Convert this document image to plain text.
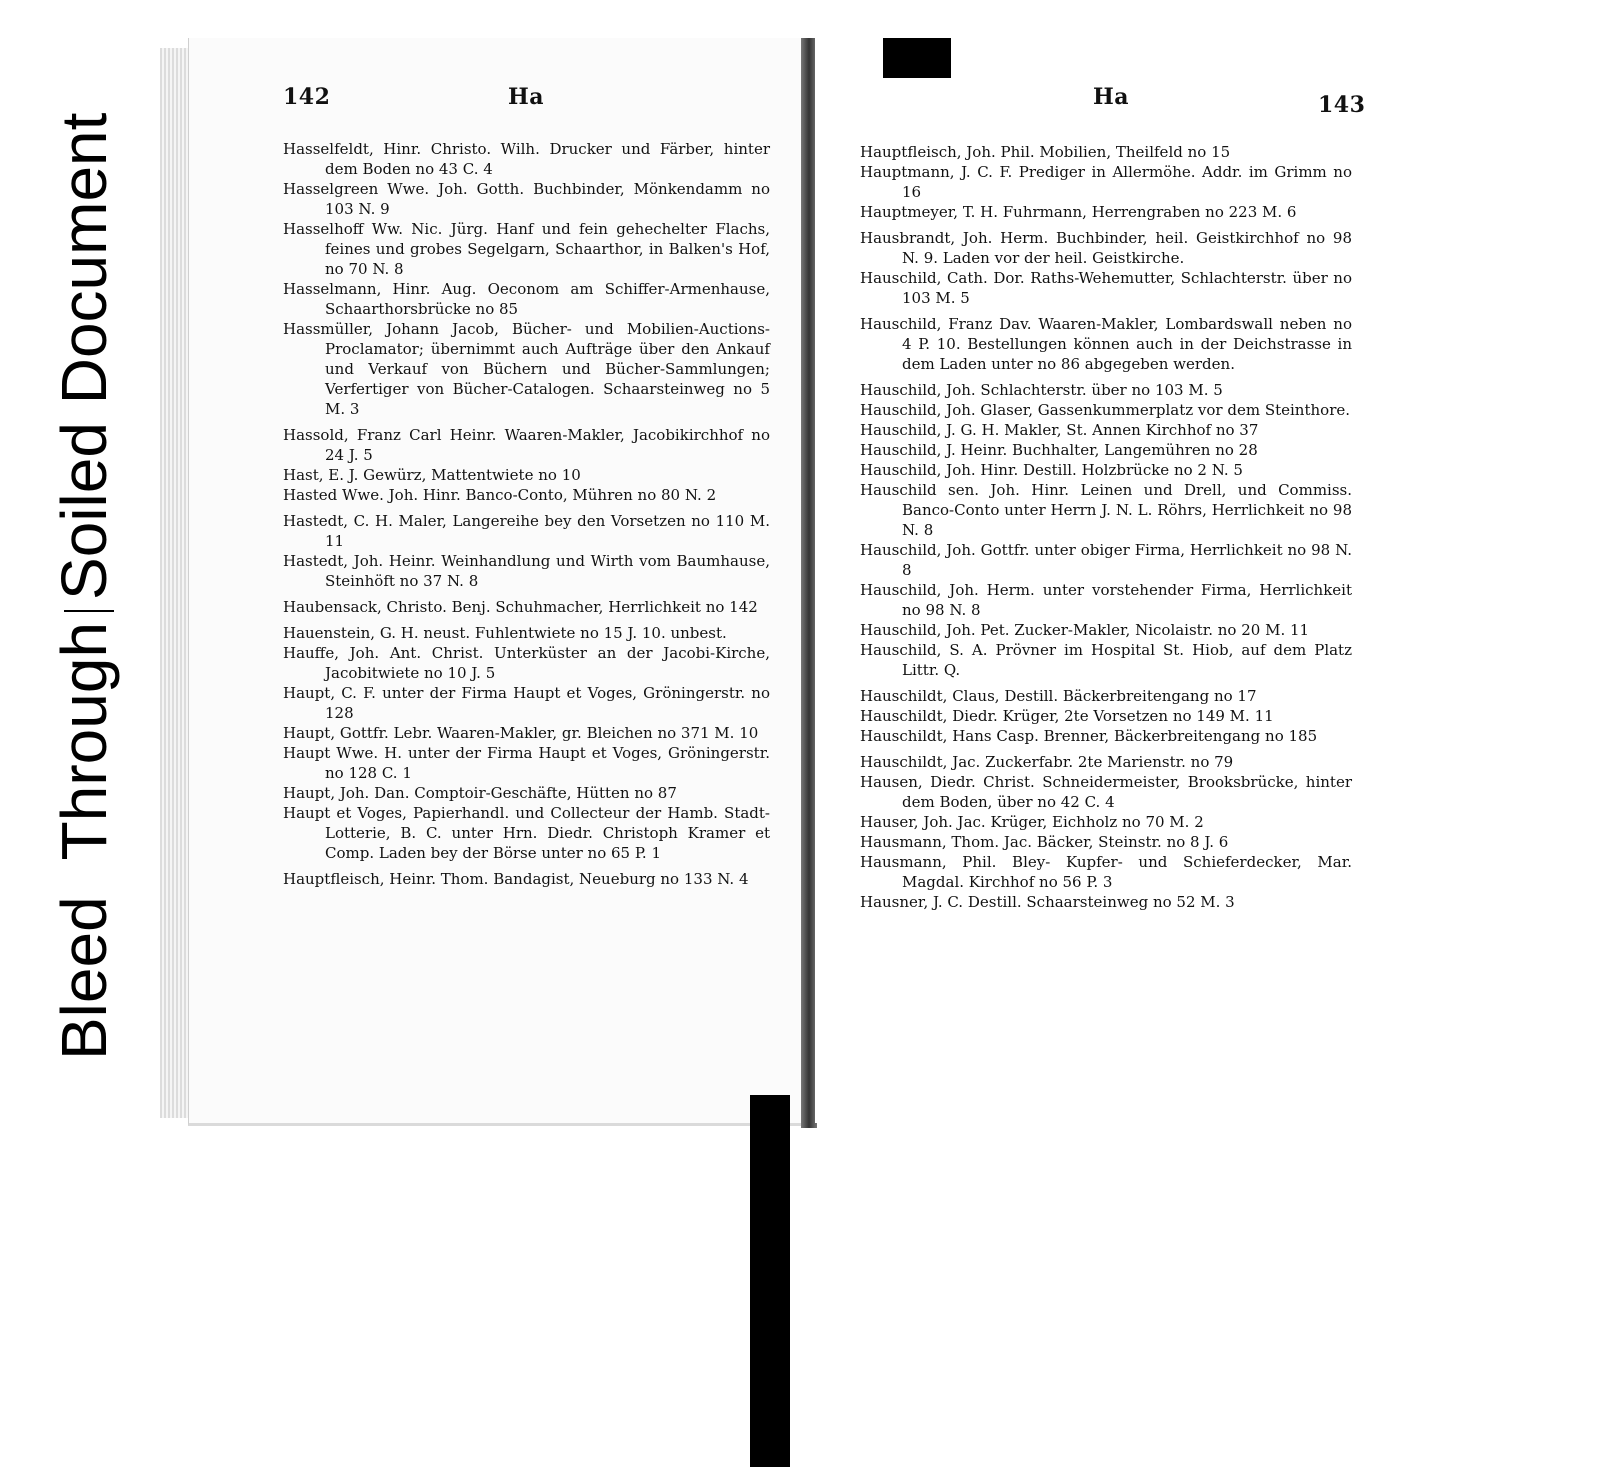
BleedThroughSoiled Document
142	Ha	Ha	143
Hasselfeldt, Hinr. Christo. Wilh. Drucker und Färber, hinter dem Boden no 43 C. 4
Hasselgreen Wwe. Joh. Gotth. Buchbinder, Mönkendamm no 103 N. 9
Hasselhoff Ww. Nic. Jürg. Hanf und fein gehechelter Flachs, feines und grobes Segelgarn, Schaarthor, in Balken's Hof, no 70 N. 8
Hasselmann, Hinr. Aug. Oeconom am Schiffer-Armenhause, Schaarthorsbrücke no 85
Hassmüller, Johann Jacob, Bücher- und Mobilien-Auctions-Proclamator; übernimmt auch Aufträge über den Ankauf und Verkauf von Büchern und Bücher-Sammlungen; Verfertiger von Bücher-Catalogen. Schaarsteinweg no 5 M. 3
Hassold, Franz Carl Heinr. Waaren-Makler, Jacobikirchhof no 24 J. 5
Hast, E. J. Gewürz, Mattentwiete no 10
Hasted Wwe. Joh. Hinr. Banco-Conto, Mühren no 80 N. 2
Hastedt, C. H. Maler, Langereihe bey den Vorsetzen no 110 M. 11
Hastedt, Joh. Heinr. Weinhandlung und Wirth vom Baumhause, Steinhöft no 37 N. 8
Haubensack, Christo. Benj. Schuhmacher, Herrlichkeit no 142
Hauenstein, G. H. neust. Fuhlentwiete no 15 J. 10. unbest.
Hauffe, Joh. Ant. Christ. Unterküster an der Jacobi-Kirche, Jacobitwiete no 10 J. 5
Haupt, C. F. unter der Firma Haupt et Voges, Gröningerstr. no 128
Haupt, Gottfr. Lebr. Waaren-Makler, gr. Bleichen no 371 M. 10
Haupt Wwe. H. unter der Firma Haupt et Voges, Gröningerstr. no 128 C. 1
Haupt, Joh. Dan. Comptoir-Geschäfte, Hütten no 87
Haupt et Voges, Papierhandl. und Collecteur der Hamb. Stadt-Lotterie, B. C. unter Hrn. Diedr. Christoph Kramer et Comp. Laden bey der Börse unter no 65 P. 1
Hauptfleisch, Heinr. Thom. Bandagist, Neueburg no 133 N. 4
Hauptfleisch, Joh. Phil. Mobilien, Theilfeld no 15
Hauptmann, J. C. F. Prediger in Allermöhe. Addr. im Grimm no 16
Hauptmeyer, T. H. Fuhrmann, Herrengraben no 223 M. 6
Hausbrandt, Joh. Herm. Buchbinder, heil. Geistkirchhof no 98 N. 9. Laden vor der heil. Geistkirche.
Hauschild, Cath. Dor. Raths-Wehemutter, Schlachterstr. über no 103 M. 5
Hauschild, Franz Dav. Waaren-Makler, Lombardswall neben no 4 P. 10. Bestellungen können auch in der Deichstrasse in dem Laden unter no 86 abgegeben werden.
Hauschild, Joh. Schlachterstr. über no 103 M. 5
Hauschild, Joh. Glaser, Gassenkummerplatz vor dem Steinthore.
Hauschild, J. G. H. Makler, St. Annen Kirchhof no 37
Hauschild, J. Heinr. Buchhalter, Langemühren no 28
Hauschild, Joh. Hinr. Destill. Holzbrücke no 2 N. 5
Hauschild sen. Joh. Hinr. Leinen und Drell, und Commiss. Banco-Conto unter Herrn J. N. L. Röhrs, Herrlichkeit no 98 N. 8
Hauschild, Joh. Gottfr. unter obiger Firma, Herrlichkeit no 98 N. 8
Hauschild, Joh. Herm. unter vorstehender Firma, Herrlichkeit no 98 N. 8
Hauschild, Joh. Pet. Zucker-Makler, Nicolaistr. no 20 M. 11
Hauschild, S. A. Prövner im Hospital St. Hiob, auf dem Platz Littr. Q.
Hauschildt, Claus, Destill. Bäckerbreitengang no 17
Hauschildt, Diedr. Krüger, 2te Vorsetzen no 149 M. 11
Hauschildt, Hans Casp. Brenner, Bäckerbreitengang no 185
Hauschildt, Jac. Zuckerfabr. 2te Marienstr. no 79
Hausen, Diedr. Christ. Schneidermeister, Brooksbrücke, hinter dem Boden, über no 42 C. 4
Hauser, Joh. Jac. Krüger, Eichholz no 70 M. 2
Hausmann, Thom. Jac. Bäcker, Steinstr. no 8 J. 6
Hausmann, Phil. Bley- Kupfer- und Schieferdecker, Mar. Magdal. Kirchhof no 56 P. 3
Hausner, J. C. Destill. Schaarsteinweg no 52 M. 3
